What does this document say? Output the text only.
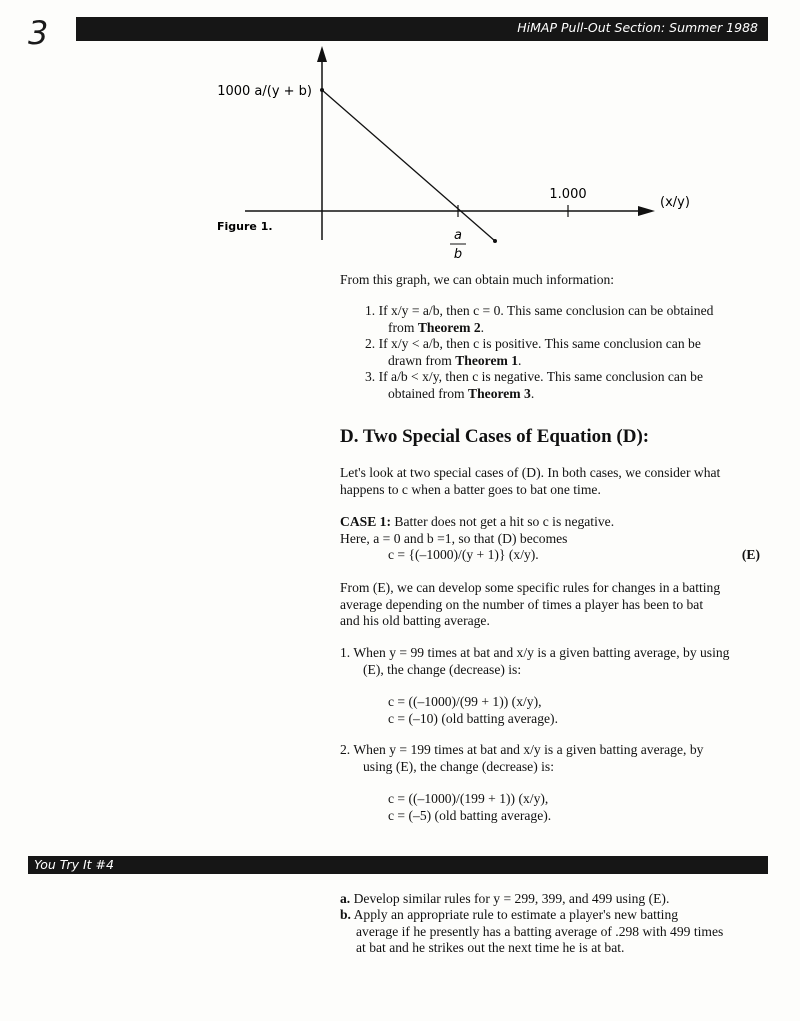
3	HiMAP Pull-Out Section: Summer 1988
1000 a/(y + b)
(x/y)
1.000
a
b
Figure 1.
From this graph, we can obtain much information:
1. If x/y = a/b, then c = 0. This same conclusion can be obtained
from Theorem 2.
2. If x/y < a/b, then c is positive. This same conclusion can be
drawn from Theorem 1.
3. If a/b < x/y, then c is negative. This same conclusion can be
obtained from Theorem 3.
D. Two Special Cases of Equation (D):
Let's look at two special cases of (D). In both cases, we consider what
happens to c when a batter goes to bat one time.
CASE 1: Batter does not get a hit so c is negative.
Here, a = 0 and b =1, so that (D) becomes
c = {(–1000)/(y + 1)} (x/y).	(E)
From (E), we can develop some specific rules for changes in a batting
average depending on the number of times a player has been to bat
and his old batting average.
1. When y = 99 times at bat and x/y is a given batting average, by using
(E), the change (decrease) is:
c = ((–1000)/(99 + 1)) (x/y),
c = (–10) (old batting average).
2. When y = 199 times at bat and x/y is a given batting average, by
using (E), the change (decrease) is:
c = ((–1000)/(199 + 1)) (x/y),
c = (–5) (old batting average).
You Try It #4
a. Develop similar rules for y = 299, 399, and 499 using (E).
b. Apply an appropriate rule to estimate a player's new batting
average if he presently has a batting average of .298 with 499 times
at bat and he strikes out the next time he is at bat.
